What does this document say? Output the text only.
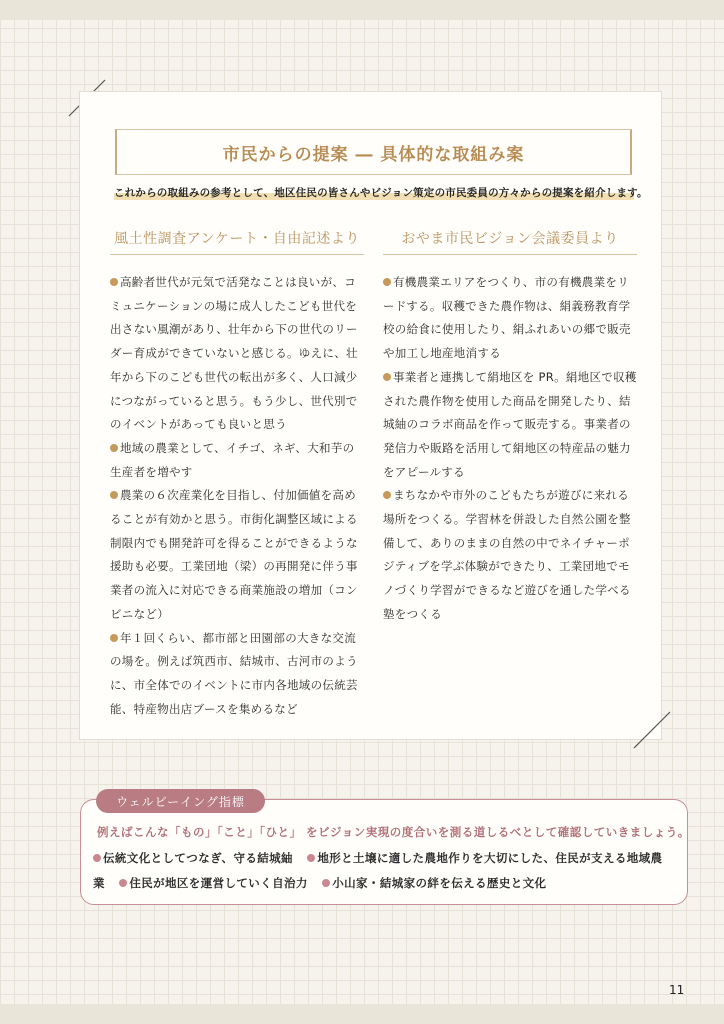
市民からの提案 ― 具体的な取組み案
これからの取組みの参考として、地区住民の皆さんやビジョン策定の市民委員の方々からの提案を紹介します。
風土性調査アンケート・自由記述より
高齢者世代が元気で活発なことは良いが、コミュニケーションの場に成人したこども世代を出さない風潮があり、壮年から下の世代のリーダー育成ができていないと感じる。ゆえに、壮年から下のこども世代の転出が多く、人口減少につながっていると思う。もう少し、世代別でのイベントがあっても良いと思う
地域の農業として、イチゴ、ネギ、大和芋の生産者を増やす
農業の６次産業化を目指し、付加価値を高めることが有効かと思う。市街化調整区域による制限内でも開発許可を得ることができるような援助も必要。工業団地（梁）の再開発に伴う事業者の流入に対応できる商業施設の増加（コンビニなど）
年１回くらい、都市部と田園部の大きな交流の場を。例えば筑西市、結城市、古河市のように、市全体でのイベントに市内各地域の伝統芸能、特産物出店ブースを集めるなど
おやま市民ビジョン会議委員より
有機農業エリアをつくり、市の有機農業をリードする。収穫できた農作物は、絹義務教育学校の給食に使用したり、絹ふれあいの郷で販売や加工し地産地消する
事業者と連携して絹地区を PR。絹地区で収穫された農作物を使用した商品を開発したり、結城紬のコラボ商品を作って販売する。事業者の発信力や販路を活用して絹地区の特産品の魅力をアピールする
まちなかや市外のこどもたちが遊びに来れる場所をつくる。学習林を併設した自然公園を整備して、ありのままの自然の中でネイチャーポジティブを学ぶ体験ができたり、工業団地でモノづくり学習ができるなど遊びを通した学べる塾をつくる
例えばこんな「もの」「こと」「ひと」 をビジョン実現の度合いを測る道しるべとして確認していきましょう。
伝統文化としてつなぎ、守る結城紬 地形と土壌に適した農地作りを大切にした、住民が支える地域農業 住民が地区を運営していく自治力 小山家・結城家の絆を伝える歴史と文化
ウェルビーイング指標
11
